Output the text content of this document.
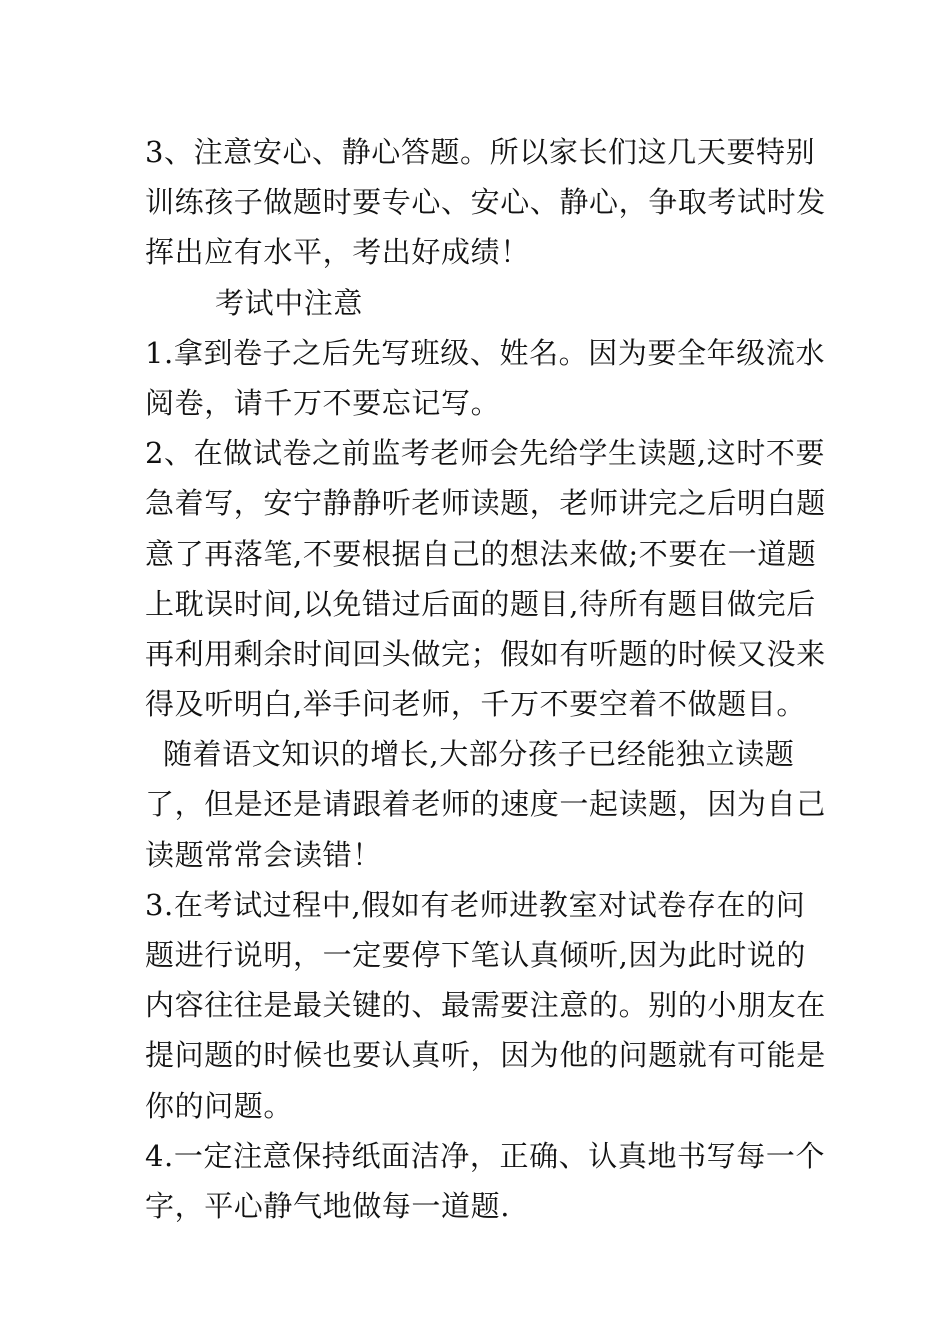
3、注意安心、静心答题。所以家长们这几天要特别
训练孩子做题时要专心、安心、静心，争取考试时发
挥出应有水平，考出好成绩！
考试中注意
1.拿到卷子之后先写班级、姓名。因为要全年级流水
阅卷，请千万不要忘记写。
2、在做试卷之前监考老师会先给学生读题,这时不要
急着写，安宁静静听老师读题，老师讲完之后明白题
意了再落笔,不要根据自己的想法来做;不要在一道题
上耽误时间,以免错过后面的题目,待所有题目做完后
再利用剩余时间回头做完；假如有听题的时候又没来
得及听明白,举手问老师，千万不要空着不做题目。
随着语文知识的增长,大部分孩子已经能独立读题
了，但是还是请跟着老师的速度一起读题，因为自己
读题常常会读错！
3.在考试过程中,假如有老师进教室对试卷存在的问
题进行说明，一定要停下笔认真倾听,因为此时说的
内容往往是最关键的、最需要注意的。别的小朋友在
提问题的时候也要认真听，因为他的问题就有可能是
你的问题。
4.一定注意保持纸面洁净，正确、认真地书写每一个
字，平心静气地做每一道题.
